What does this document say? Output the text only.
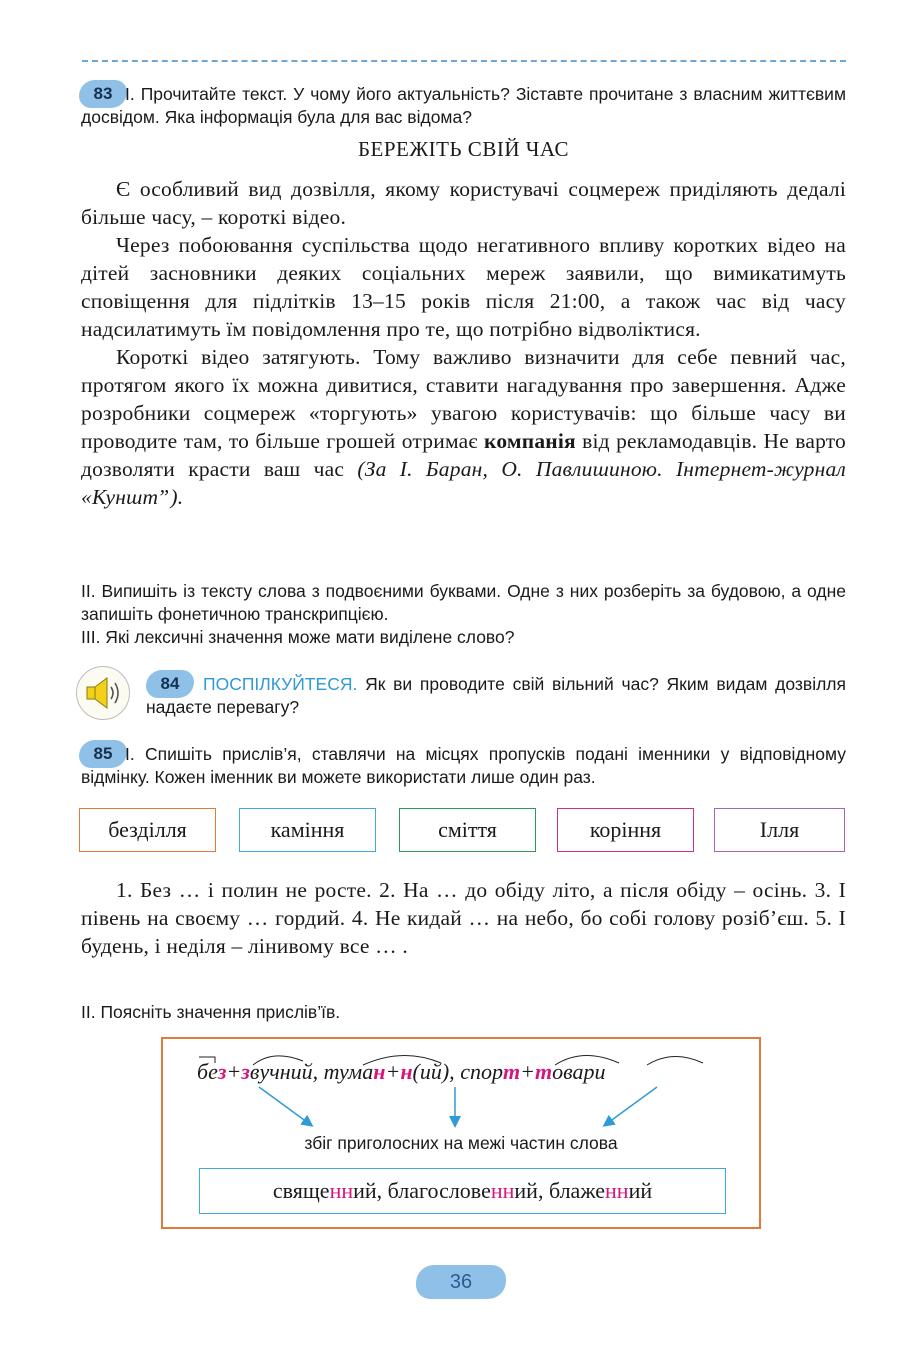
83 І. Прочитайте текст. У чому його актуальність? Зіставте прочитане з власним життєвим досвідом. Яка інформація була для вас відома?
БЕРЕЖІТЬ СВІЙ ЧАС

Є особливий вид дозвілля, якому користувачі соцмереж приділяють дедалі більше часу, – короткі відео.

Через побоювання суспільства щодо негативного впливу коротких відео на дітей засновники деяких соціальних мереж заявили, що вимикатимуть сповіщення для підлітків 13–15 років після 21:00, а також час від часу надсилатимуть їм повідомлення про те, що потрібно відволіктися.

Короткі відео затягують. Тому важливо визначити для себе певний час, протягом якого їх можна дивитися, ставити нагадування про завершення. Адже розробники соцмереж «торгують» увагою користувачів: що більше часу ви проводите там, то більше грошей отримає компанія від рекламодавців. Не варто дозволяти красти ваш час (За І. Баран, О. Павлишиною. Інтернет-журнал «Кунштˮ).

ІІ. Випишіть із тексту слова з подвоєними буквами. Одне з них розберіть за будовою, а одне запишіть фонетичною транскрипцією.
ІІІ. Які лексичні значення може мати виділене слово?
84	ПОСПІЛКУЙТЕСЯ. Як ви проводите свій вільний час? Яким видам дозвілля надаєте перевагу?
85 І. Спишіть прислів’я, ставлячи на місцях пропусків подані іменники у відповідному відмінку. Кожен іменник ви можете використати лише один раз.
безділля	каміння	сміття	коріння	Ілля

1. Без … і полин не росте. 2. На … до обіду літо, а після обіду – осінь. 3. І півень на своєму … гордий. 4. Не кидай … на небо, бо собі голову розіб’єш. 5. І будень, і неділя – лінивому все … .

ІІ. Поясніть значення прислів’їв.
без+звучний, туман+н(ий), спорт+товари
збіг приголосних на межі частин слова
священний, благословенний, блаженний
36
